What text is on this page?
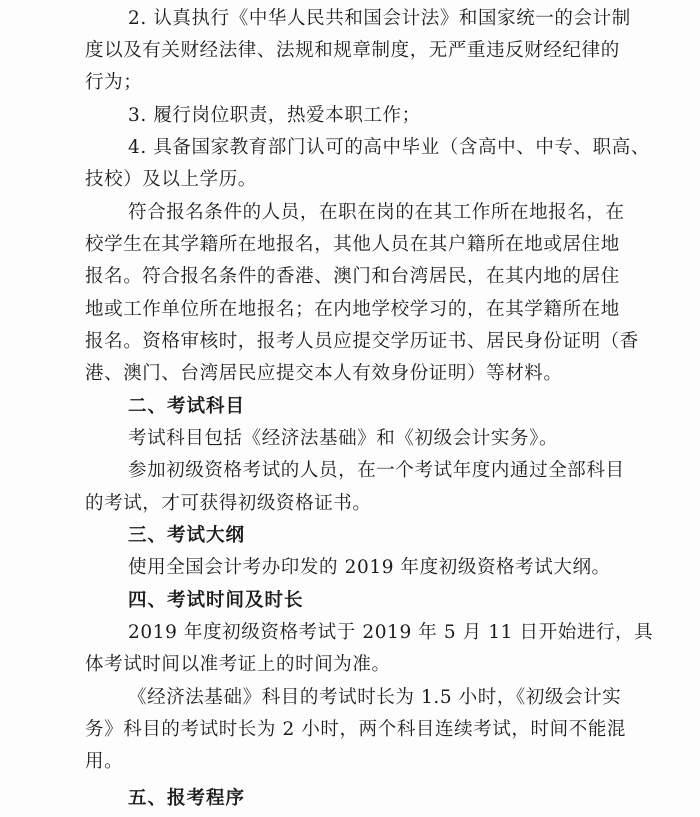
2. 认真执行《中华人民共和国会计法》和国家统一的会计制
度以及有关财经法律、法规和规章制度，无严重违反财经纪律的
行为；
3. 履行岗位职责，热爱本职工作；
4. 具备国家教育部门认可的高中毕业（含高中、中专、职高、
技校）及以上学历。
符合报名条件的人员，在职在岗的在其工作所在地报名，在
校学生在其学籍所在地报名，其他人员在其户籍所在地或居住地
报名。符合报名条件的香港、澳门和台湾居民，在其内地的居住
地或工作单位所在地报名；在内地学校学习的，在其学籍所在地
报名。资格审核时，报考人员应提交学历证书、居民身份证明（香
港、澳门、台湾居民应提交本人有效身份证明）等材料。
二、考试科目
考试科目包括《经济法基础》和《初级会计实务》。
参加初级资格考试的人员，在一个考试年度内通过全部科目
的考试，才可获得初级资格证书。
三、考试大纲
使用全国会计考办印发的 2019 年度初级资格考试大纲。
四、考试时间及时长
2019 年度初级资格考试于 2019 年 5 月 11 日开始进行，具
体考试时间以准考证上的时间为准。
《经济法基础》科目的考试时长为 1.5 小时，《初级会计实
务》科目的考试时长为 2 小时，两个科目连续考试，时间不能混
用。
五、报考程序
